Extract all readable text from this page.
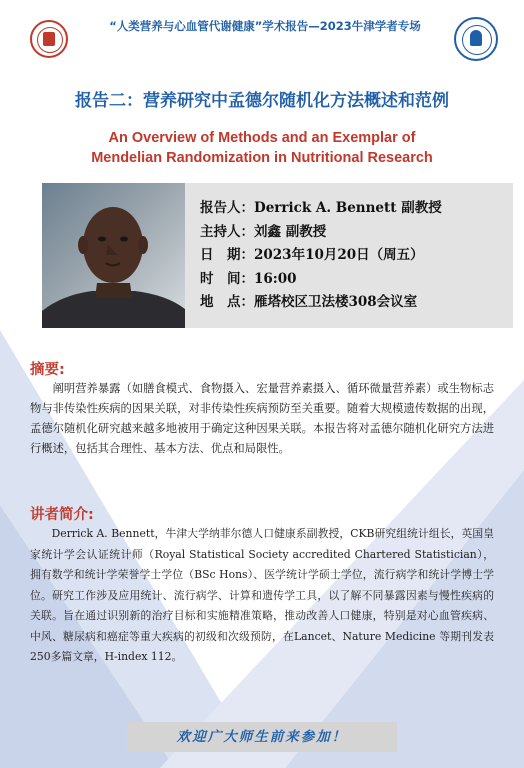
“人类营养与心血管代谢健康”学术报告—2023牛津学者专场
报告二：营养研究中孟德尔随机化方法概述和范例
An Overview of Methods and an Exemplar of
Mendelian Randomization in Nutritional Research
报告人：Derrick A. Bennett 副教授
主持人：刘鑫 副教授
日　期：2023年10月20日（周五）
时　间：16:00
地　点：雁塔校区卫法楼308会议室
摘要:
阐明营养暴露（如膳食模式、食物摄入、宏量营养素摄入、循环微量营养素）或生物标志物与非传染性疾病的因果关联，对非传染性疾病预防至关重要。随着大规模遗传数据的出现，孟德尔随机化研究越来越多地被用于确定这种因果关联。本报告将对孟德尔随机化研究方法进行概述，包括其合理性、基本方法、优点和局限性。
讲者简介:
Derrick A. Bennett，牛津大学纳菲尔德人口健康系副教授，CKB研究组统计组长，英国皇家统计学会认证统计师（Royal Statistical Society accredited Chartered Statistician），拥有数学和统计学荣誉学士学位（BSc Hons）、医学统计学硕士学位，流行病学和统计学博士学位。研究工作涉及应用统计、流行病学、计算和遗传学工具，以了解不同暴露因素与慢性疾病的关联。旨在通过识别新的治疗目标和实施精准策略，推动改善人口健康，特别是对心血管疾病、中风、糖尿病和癌症等重大疾病的初级和次级预防，在Lancet、Nature Medicine 等期刊发表250多篇文章，H-index 112。
欢迎广大师生前来参加！
